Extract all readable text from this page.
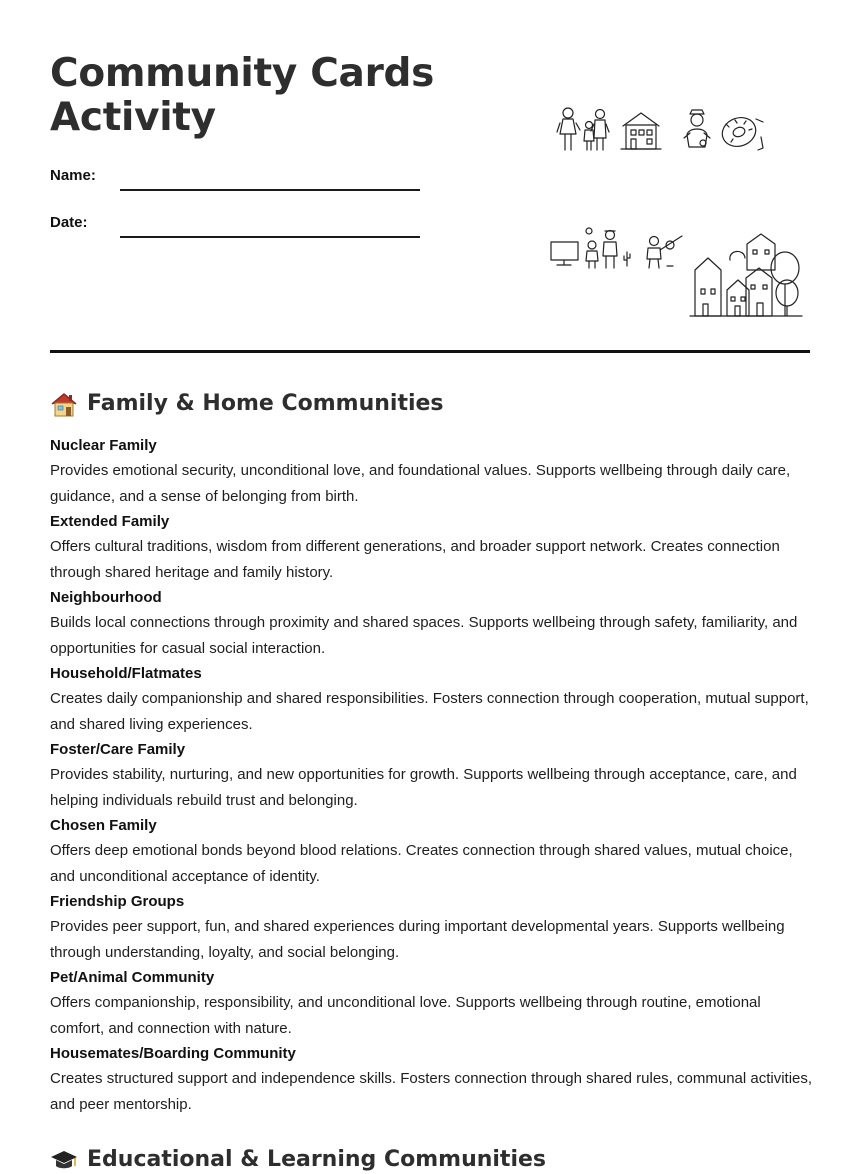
Community Cards
Activity
Name:
Date:
Family & Home Communities
Nuclear Family

Provides emotional security, unconditional love, and foundational values. Supports wellbeing through daily care, guidance, and a sense of belonging from birth.

Extended Family

Offers cultural traditions, wisdom from different generations, and broader support network. Creates connection through shared heritage and family history.

Neighbourhood

Builds local connections through proximity and shared spaces. Supports wellbeing through safety, familiarity, and opportunities for casual social interaction.

Household/Flatmates

Creates daily companionship and shared responsibilities. Fosters connection through cooperation, mutual support, and shared living experiences.

Foster/Care Family

Provides stability, nurturing, and new opportunities for growth. Supports wellbeing through acceptance, care, and helping individuals rebuild trust and belonging.

Chosen Family

Offers deep emotional bonds beyond blood relations. Creates connection through shared values, mutual choice, and unconditional acceptance of identity.

Friendship Groups

Provides peer support, fun, and shared experiences during important developmental years. Supports wellbeing through understanding, loyalty, and social belonging.

Pet/Animal Community

Offers companionship, responsibility, and unconditional love. Supports wellbeing through routine, emotional comfort, and connection with nature.

Housemates/Boarding Community

Creates structured support and independence skills. Fosters connection through shared rules, communal activities, and peer mentorship.

Educational & Learning Communities
